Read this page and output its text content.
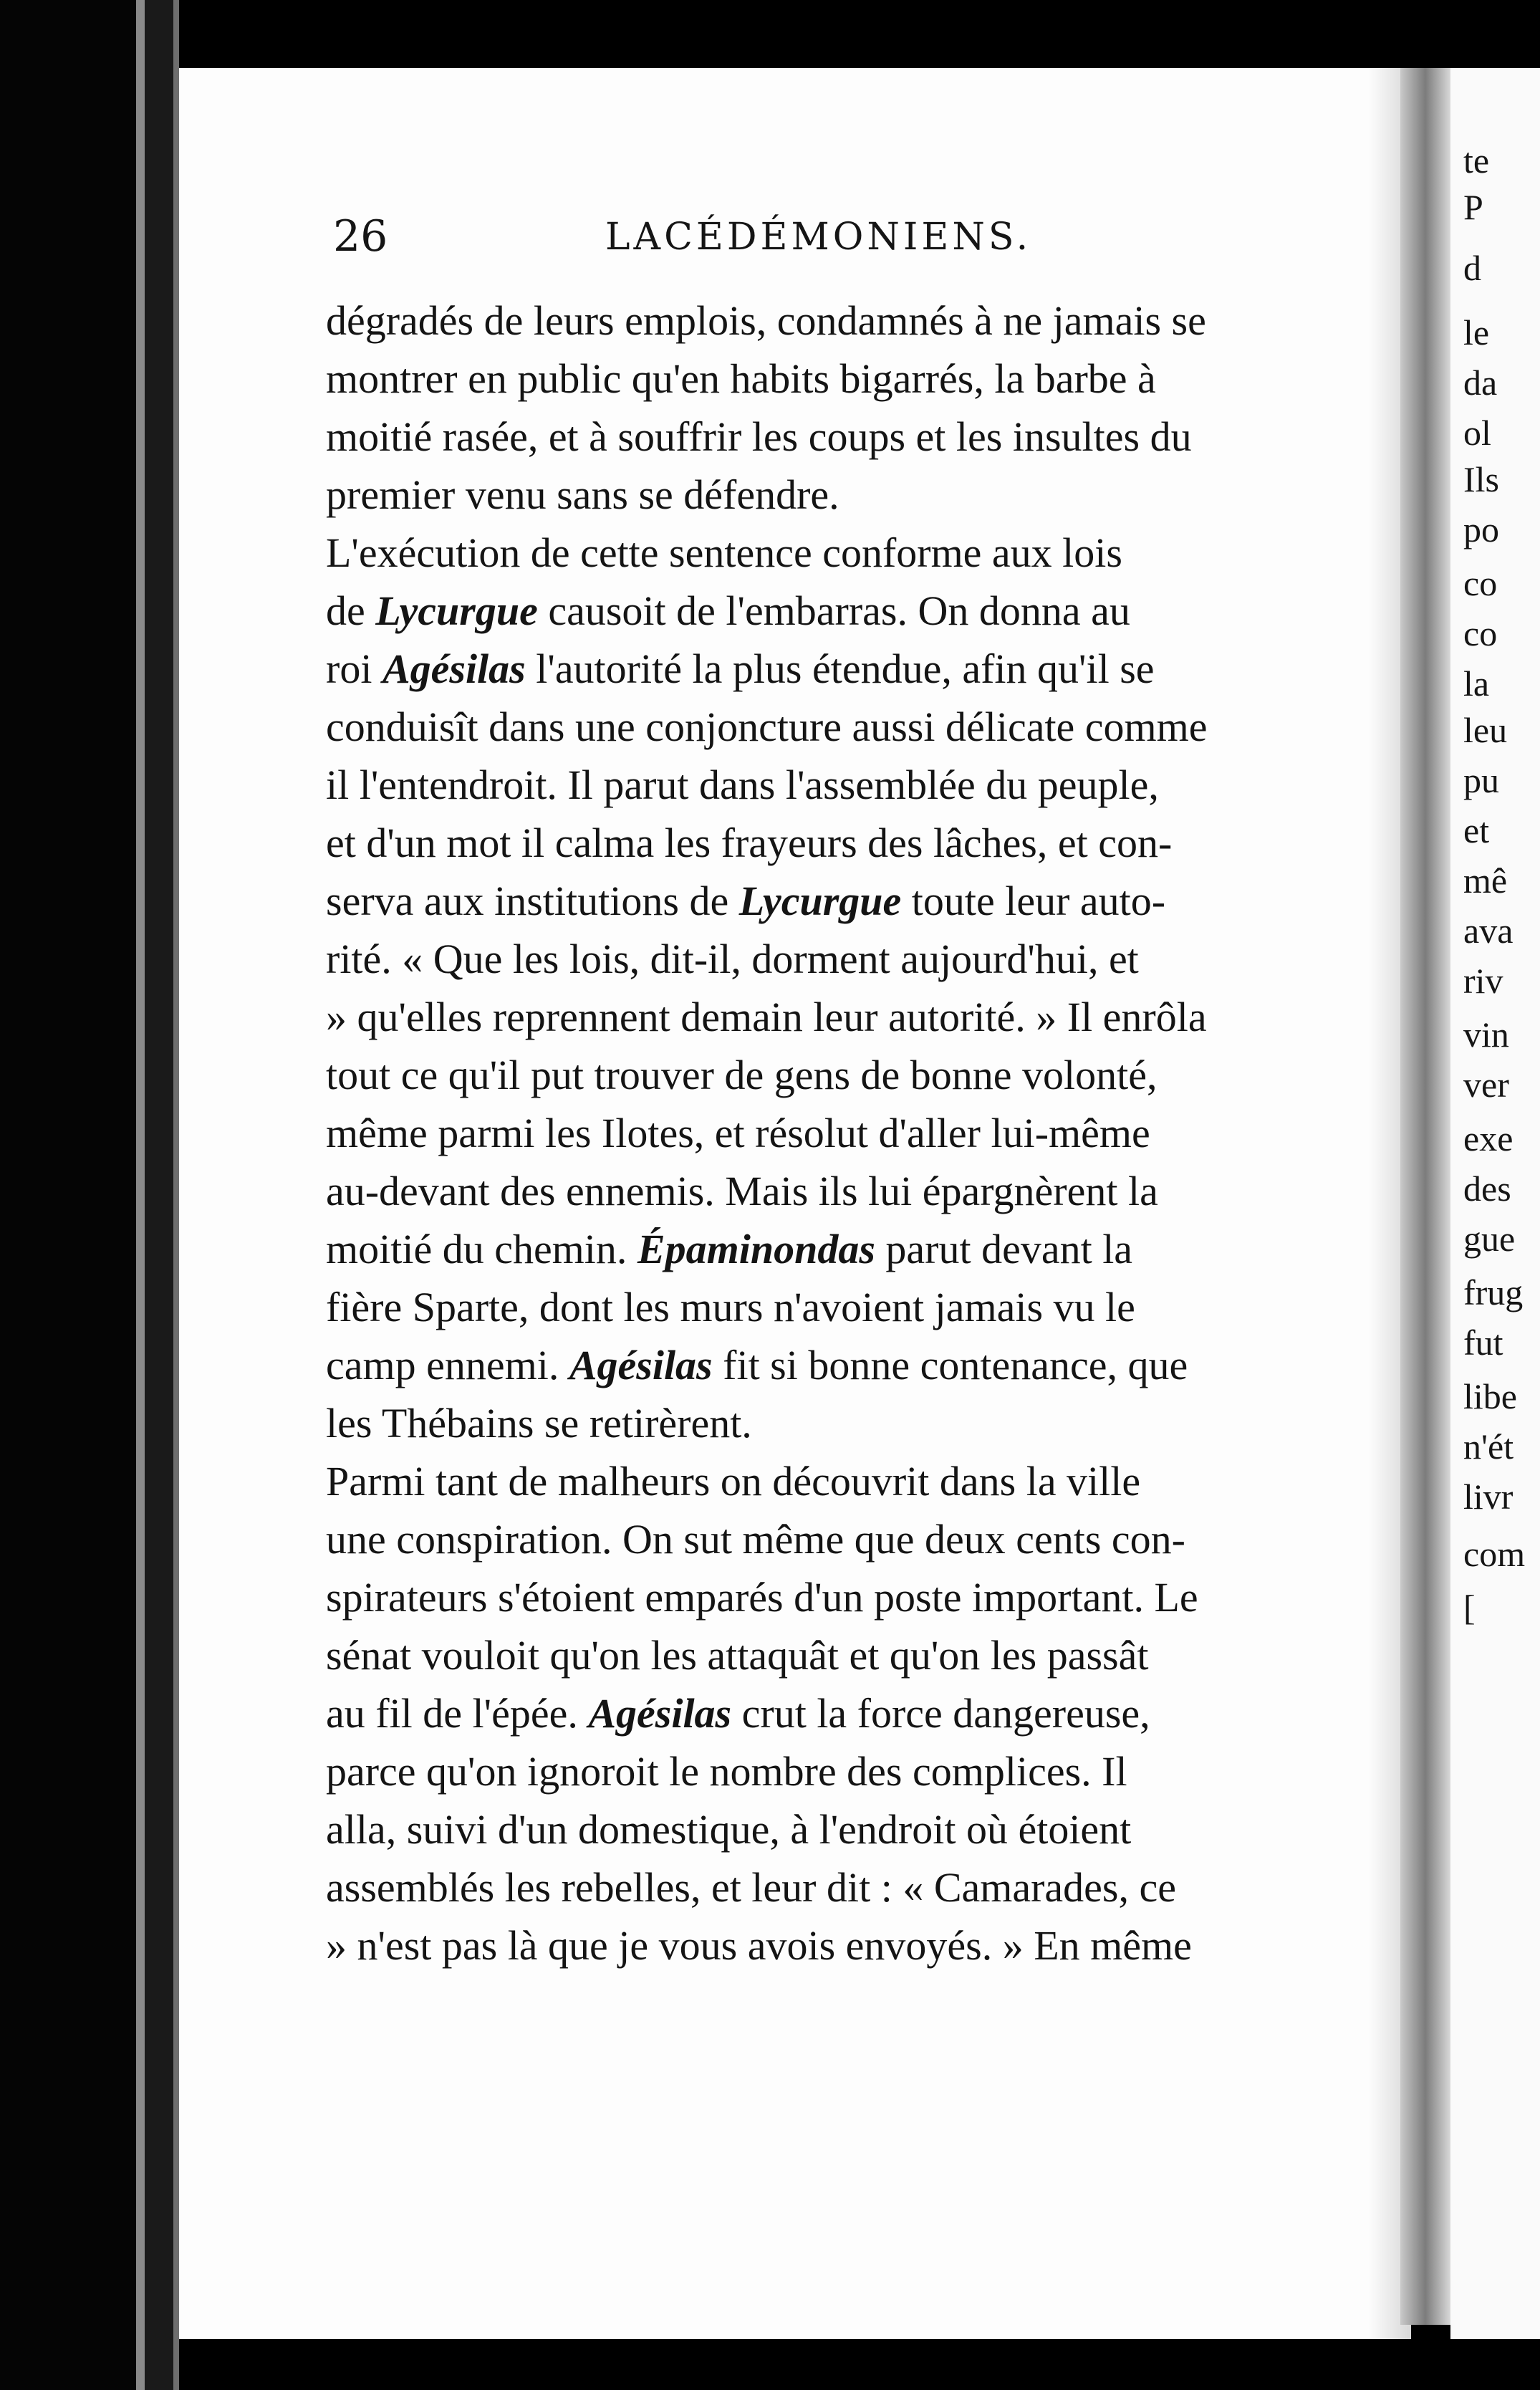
26	LACÉDÉMONIENS.
dégradés de leurs emplois, condamnés à ne jamais se
montrer en public qu'en habits bigarrés, la barbe à
moitié rasée, et à souffrir les coups et les insultes du
premier venu sans se défendre.
L'exécution de cette sentence conforme aux lois
de Lycurgue causoit de l'embarras. On donna au
roi Agésilas l'autorité la plus étendue, afin qu'il se
conduisît dans une conjoncture aussi délicate comme
il l'entendroit. Il parut dans l'assemblée du peuple,
et d'un mot il calma les frayeurs des lâches, et con-
serva aux institutions de Lycurgue toute leur auto-
rité. « Que les lois, dit-il, dorment aujourd'hui, et
» qu'elles reprennent demain leur autorité. » Il enrôla
tout ce qu'il put trouver de gens de bonne volonté,
même parmi les Ilotes, et résolut d'aller lui-même
au-devant des ennemis. Mais ils lui épargnèrent la
moitié du chemin. Épaminondas parut devant la
fière Sparte, dont les murs n'avoient jamais vu le
camp ennemi. Agésilas fit si bonne contenance, que
les Thébains se retirèrent.
Parmi tant de malheurs on découvrit dans la ville
une conspiration. On sut même que deux cents con-
spirateurs s'étoient emparés d'un poste important. Le
sénat vouloit qu'on les attaquât et qu'on les passât
au fil de l'épée. Agésilas crut la force dangereuse,
parce qu'on ignoroit le nombre des complices. Il
alla, suivi d'un domestique, à l'endroit où étoient
assemblés les rebelles, et leur dit : « Camarades, ce
» n'est pas là que je vous avois envoyés. » En même
te
P
d
le
da
ol
Ils
po
co
co
la
leu
pu
et
mê
ava
riv
vin
ver
exe
des
gue
frug
fut
libe
n'ét
livr
com
[
